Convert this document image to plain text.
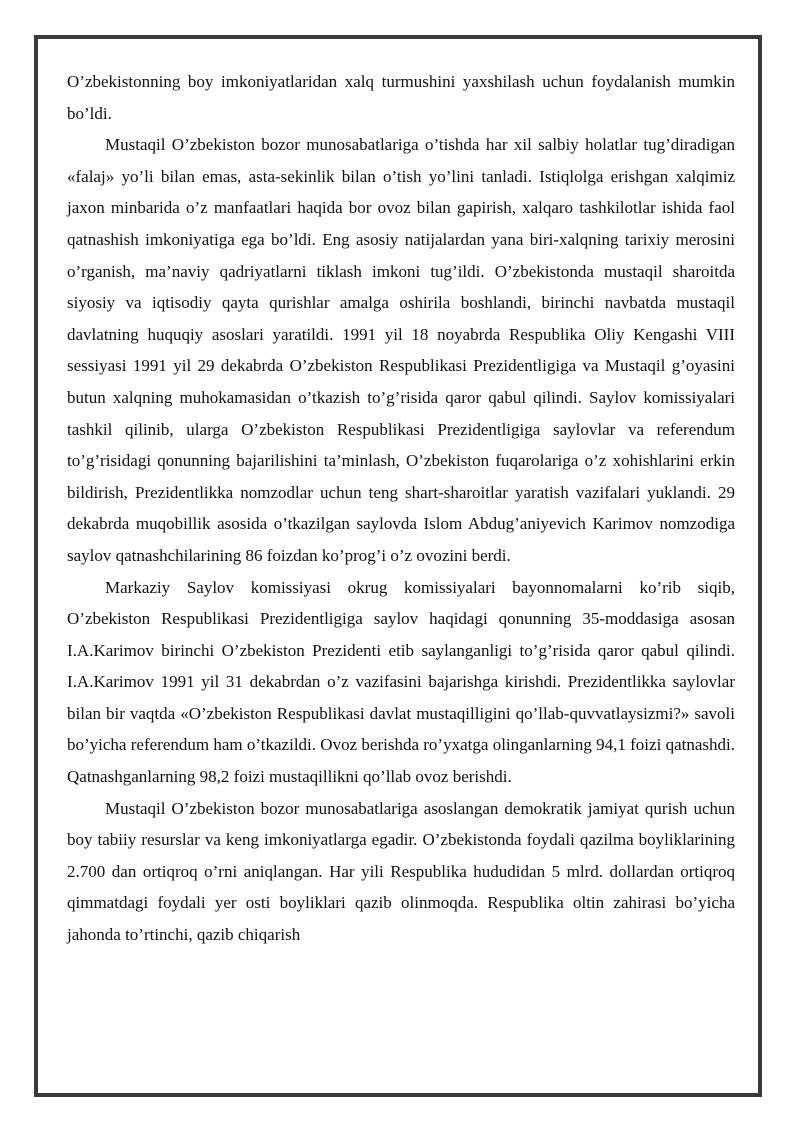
O’zbekistonning boy imkoniyatlaridan xalq turmushini yaxshilash uchun foydalanish mumkin bo’ldi.

Mustaqil O’zbekiston bozor munosabatlariga o’tishda har xil salbiy holatlar tug’diradigan «falaj» yo’li bilan emas, asta-sekinlik bilan o’tish yo’lini tanladi. Istiqlolga erishgan xalqimiz jaxon minbarida o’z manfaatlari haqida bor ovoz bilan gapirish, xalqaro tashkilotlar ishida faol qatnashish imkoniyatiga ega bo’ldi. Eng asosiy natijalardan yana biri-xalqning tarixiy merosini o’rganish, ma’naviy qadriyatlarni tiklash imkoni tug’ildi. O’zbekistonda mustaqil sharoitda siyosiy va iqtisodiy qayta qurishlar amalga oshirila boshlandi, birinchi navbatda mustaqil davlatning huquqiy asoslari yaratildi. 1991 yil 18 noyabrda Respublika Oliy Kengashi VIII sessiyasi 1991 yil 29 dekabrda O’zbekiston Respublikasi Prezidentligiga va Mustaqil g’oyasini butun xalqning muhokamasidan o’tkazish to’g’risida qaror qabul qilindi. Saylov komissiyalari tashkil qilinib, ularga O’zbekiston Respublikasi Prezidentligiga saylovlar va referendum to’g’risidagi qonunning bajarilishini ta’minlash, O’zbekiston fuqarolariga o’z xohishlarini erkin bildirish, Prezidentlikka nomzodlar uchun teng shart-sharoitlar yaratish vazifalari yuklandi. 29 dekabrda muqobillik asosida o’tkazilgan saylovda Islom Abdug’aniyevich Karimov nomzodiga saylov qatnashchilarining 86 foizdan ko’prog’i o’z ovozini berdi.

Markaziy Saylov komissiyasi okrug komissiyalari bayonnomalarni ko’rib siqib, O’zbekiston Respublikasi Prezidentligiga saylov haqidagi qonunning 35-moddasiga asosan I.A.Karimov birinchi O’zbekiston Prezidenti etib saylanganligi to’g’risida qaror qabul qilindi. I.A.Karimov 1991 yil 31 dekabrdan o’z vazifasini bajarishga kirishdi. Prezidentlikka saylovlar bilan bir vaqtda «O’zbekiston Respublikasi davlat mustaqilligini qo’llab-quvvatlaysizmi?» savoli bo’yicha referendum ham o’tkazildi. Ovoz berishda ro’yxatga olinganlarning 94,1 foizi qatnashdi. Qatnashganlarning 98,2 foizi mustaqillikni qo’llab ovoz berishdi.

Mustaqil O’zbekiston bozor munosabatlariga asoslangan demokratik jamiyat qurish uchun boy tabiiy resurslar va keng imkoniyatlarga egadir. O’zbekistonda foydali qazilma boyliklarining 2.700 dan ortiqroq o’rni aniqlangan. Har yili Respublika hududidan 5 mlrd. dollardan ortiqroq qimmatdagi foydali yer osti boyliklari qazib olinmoqda. Respublika oltin zahirasi bo’yicha jahonda to’rtinchi, qazib chiqarish
